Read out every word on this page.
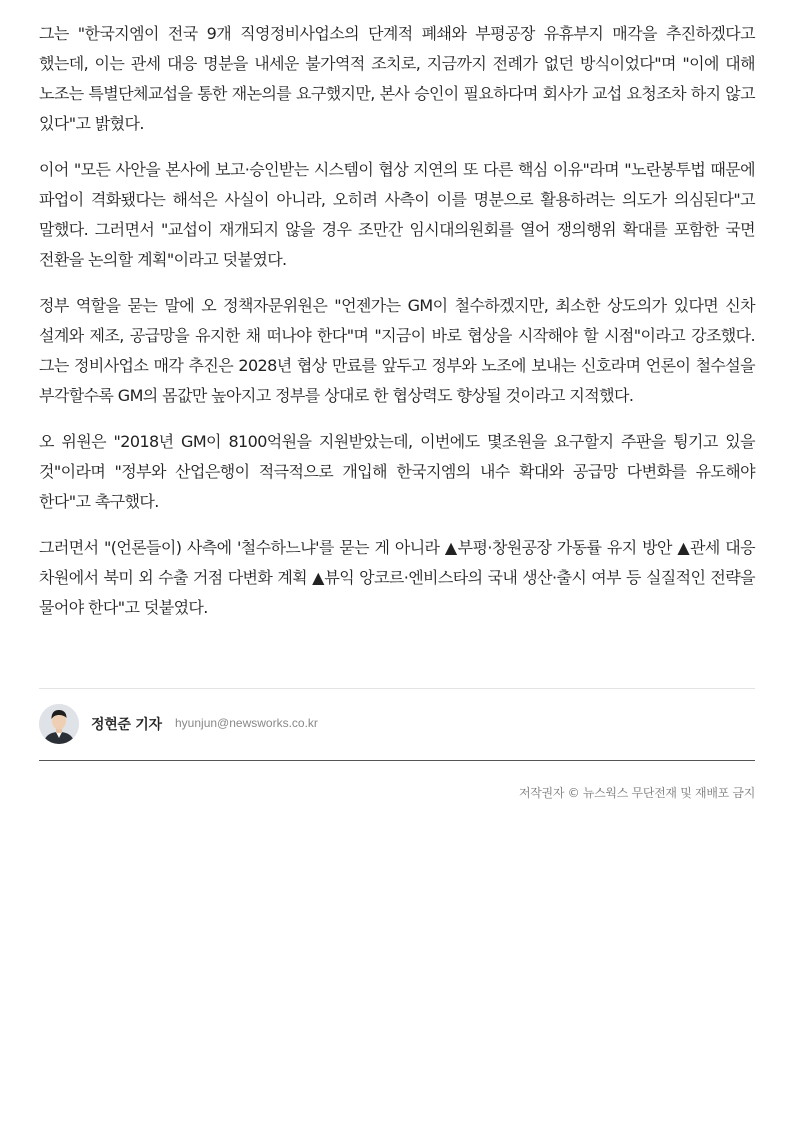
그는 "한국지엠이 전국 9개 직영정비사업소의 단계적 폐쇄와 부평공장 유휴부지 매각을 추진하겠다고 했는데, 이는 관세 대응 명분을 내세운 불가역적 조치로, 지금까지 전례가 없던 방식이었다"며 "이에 대해 노조는 특별단체교섭을 통한 재논의를 요구했지만, 본사 승인이 필요하다며 회사가 교섭 요청조차 하지 않고 있다"고 밝혔다.

이어 "모든 사안을 본사에 보고·승인받는 시스템이 협상 지연의 또 다른 핵심 이유"라며 "노란봉투법 때문에 파업이 격화됐다는 해석은 사실이 아니라, 오히려 사측이 이를 명분으로 활용하려는 의도가 의심된다"고 말했다. 그러면서 "교섭이 재개되지 않을 경우 조만간 임시대의원회를 열어 쟁의행위 확대를 포함한 국면 전환을 논의할 계획"이라고 덧붙였다.

정부 역할을 묻는 말에 오 정책자문위원은 "언젠가는 GM이 철수하겠지만, 최소한 상도의가 있다면 신차 설계와 제조, 공급망을 유지한 채 떠나야 한다"며 "지금이 바로 협상을 시작해야 할 시점"이라고 강조했다. 그는 정비사업소 매각 추진은 2028년 협상 만료를 앞두고 정부와 노조에 보내는 신호라며 언론이 철수설을 부각할수록 GM의 몸값만 높아지고 정부를 상대로 한 협상력도 향상될 것이라고 지적했다.

오 위원은 "2018년 GM이 8100억원을 지원받았는데, 이번에도 몇조원을 요구할지 주판을 튕기고 있을 것"이라며 "정부와 산업은행이 적극적으로 개입해 한국지엠의 내수 확대와 공급망 다변화를 유도해야 한다"고 촉구했다.

그러면서 "(언론들이) 사측에 '철수하느냐'를 묻는 게 아니라 ▲부평·창원공장 가동률 유지 방안 ▲관세 대응 차원에서 북미 외 수출 거점 다변화 계획 ▲뷰익 앙코르·엔비스타의 국내 생산·출시 여부 등 실질적인 전략을 물어야 한다"고 덧붙였다.

정현준 기자 hyunjun@newsworks.co.kr
저작권자 © 뉴스웍스 무단전재 및 재배포 금지
